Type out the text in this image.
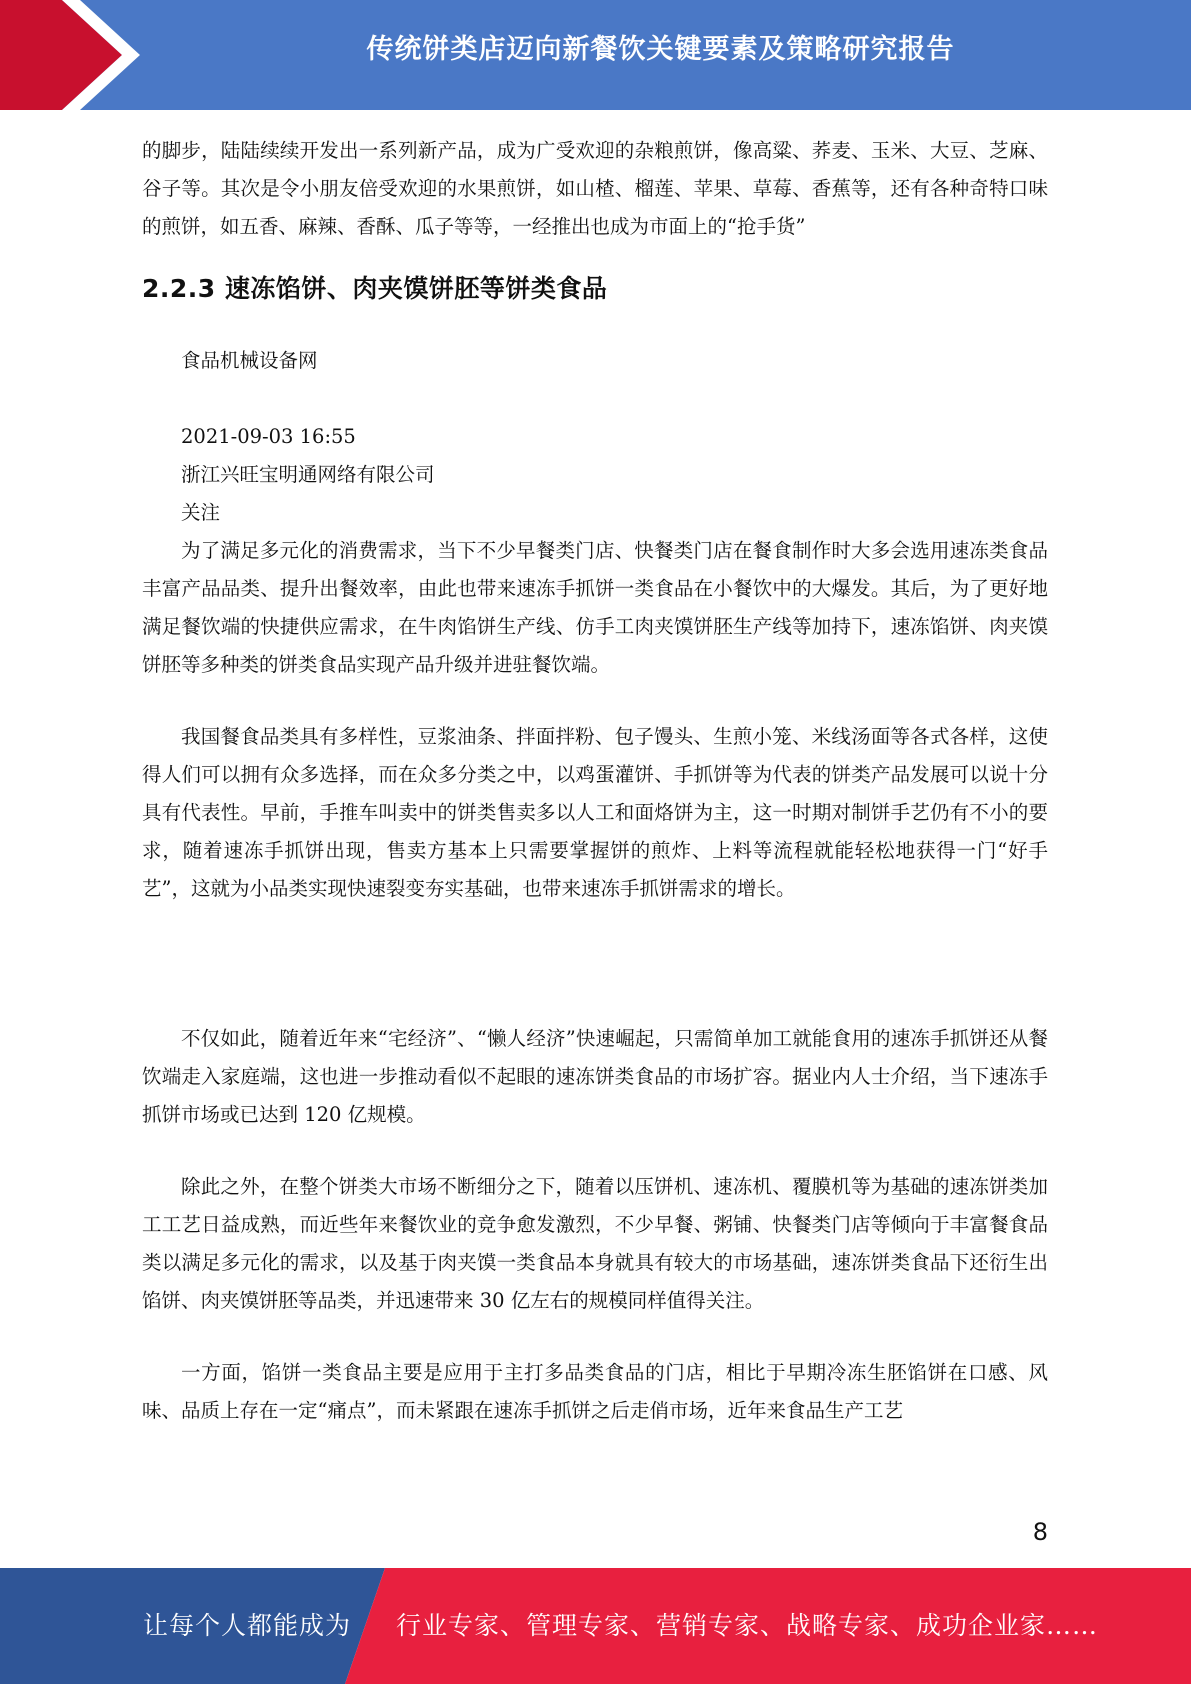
传统饼类店迈向新餐饮关键要素及策略研究报告

的脚步，陆陆续续开发出一系列新产品，成为广受欢迎的杂粮煎饼，像高粱、荞麦、玉米、大豆、芝麻、谷子等。其次是令小朋友倍受欢迎的水果煎饼，如山楂、榴莲、苹果、草莓、香蕉等，还有各种奇特口味的煎饼，如五香、麻辣、香酥、瓜子等等，一经推出也成为市面上的“抢手货”

2.2.3 速冻馅饼、肉夹馍饼胚等饼类食品

食品机械设备网

2021-09-03 16:55

浙江兴旺宝明通网络有限公司

关注

为了满足多元化的消费需求，当下不少早餐类门店、快餐类门店在餐食制作时大多会选用速冻类食品丰富产品品类、提升出餐效率，由此也带来速冻手抓饼一类食品在小餐饮中的大爆发。其后，为了更好地满足餐饮端的快捷供应需求，在牛肉馅饼生产线、仿手工肉夹馍饼胚生产线等加持下，速冻馅饼、肉夹馍饼胚等多种类的饼类食品实现产品升级并进驻餐饮端。

我国餐食品类具有多样性，豆浆油条、拌面拌粉、包子馒头、生煎小笼、米线汤面等各式各样，这使得人们可以拥有众多选择，而在众多分类之中，以鸡蛋灌饼、手抓饼等为代表的饼类产品发展可以说十分具有代表性。早前，手推车叫卖中的饼类售卖多以人工和面烙饼为主，这一时期对制饼手艺仍有不小的要求，随着速冻手抓饼出现，售卖方基本上只需要掌握饼的煎炸、上料等流程就能轻松地获得一门“好手艺”，这就为小品类实现快速裂变夯实基础，也带来速冻手抓饼需求的增长。

不仅如此，随着近年来“宅经济”、“懒人经济”快速崛起，只需简单加工就能食用的速冻手抓饼还从餐饮端走入家庭端，这也进一步推动看似不起眼的速冻饼类食品的市场扩容。据业内人士介绍，当下速冻手抓饼市场或已达到 120 亿规模。

除此之外，在整个饼类大市场不断细分之下，随着以压饼机、速冻机、覆膜机等为基础的速冻饼类加工工艺日益成熟，而近些年来餐饮业的竞争愈发激烈，不少早餐、粥铺、快餐类门店等倾向于丰富餐食品类以满足多元化的需求，以及基于肉夹馍一类食品本身就具有较大的市场基础，速冻饼类食品下还衍生出馅饼、肉夹馍饼胚等品类，并迅速带来 30 亿左右的规模同样值得关注。

一方面，馅饼一类食品主要是应用于主打多品类食品的门店，相比于早期冷冻生胚馅饼在口感、风味、品质上存在一定“痛点”，而未紧跟在速冻手抓饼之后走俏市场，近年来食品生产工艺

8
让每个人都能成为 行业专家、管理专家、营销专家、战略专家、成功企业家……
